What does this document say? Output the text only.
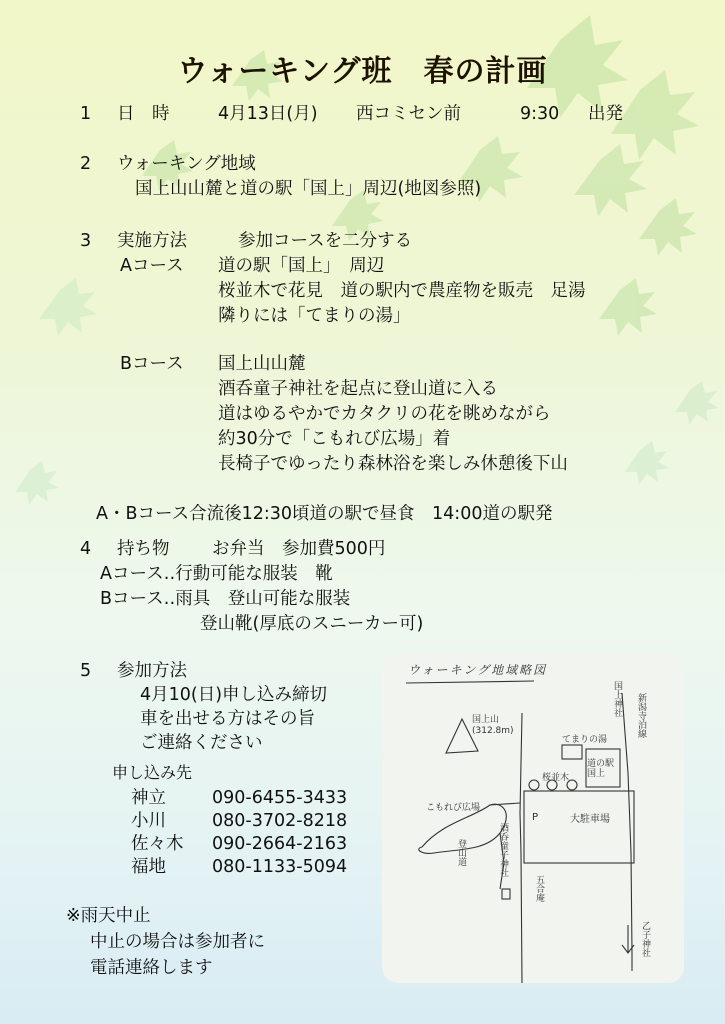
ウォーキング班　春の計画
1 日　時	4月13日(月) 西コミセン前	9:30 出発
2 ウォーキング地域
国上山山麓と道の駅「国上」周辺(地図参照)
3 実施方法	参加コースを二分する
Aコース 道の駅「国上」　周辺
桜並木で花見　道の駅内で農産物を販売　足湯
隣りには「てまりの湯」
Bコース 国上山山麓
酒呑童子神社を起点に登山道に入る
道はゆるやかでカタクリの花を眺めながら
約30分で「こもれび広場」着
長椅子でゆったり森林浴を楽しみ休憩後下山
A・Bコース合流後12:30頃道の駅で昼食　14:00道の駅発
4 持ち物 お弁当　参加費500円
Aコース‥行動可能な服装　靴
Bコース‥雨具　登山可能な服装
登山靴(厚底のスニーカー可)
5 参加方法
4月10(日)申し込み締切
車を出せる方はその旨
ご連絡ください
申し込み先
神立	090-6455-3433
小川	080-3702-8218
佐々木 090-2664-2163
福地	080-1133-5094
※雨天中止
中止の場合は参加者に
電話連絡します
ウォーキング地域略図
国上山
(312.8m)
こもれび広場
てまりの湯
道の駅国上
桜並木
大駐車場
P
登山道	酒呑童子神社
五合庵
国上神社 新潟寺泊線
乙子神社
